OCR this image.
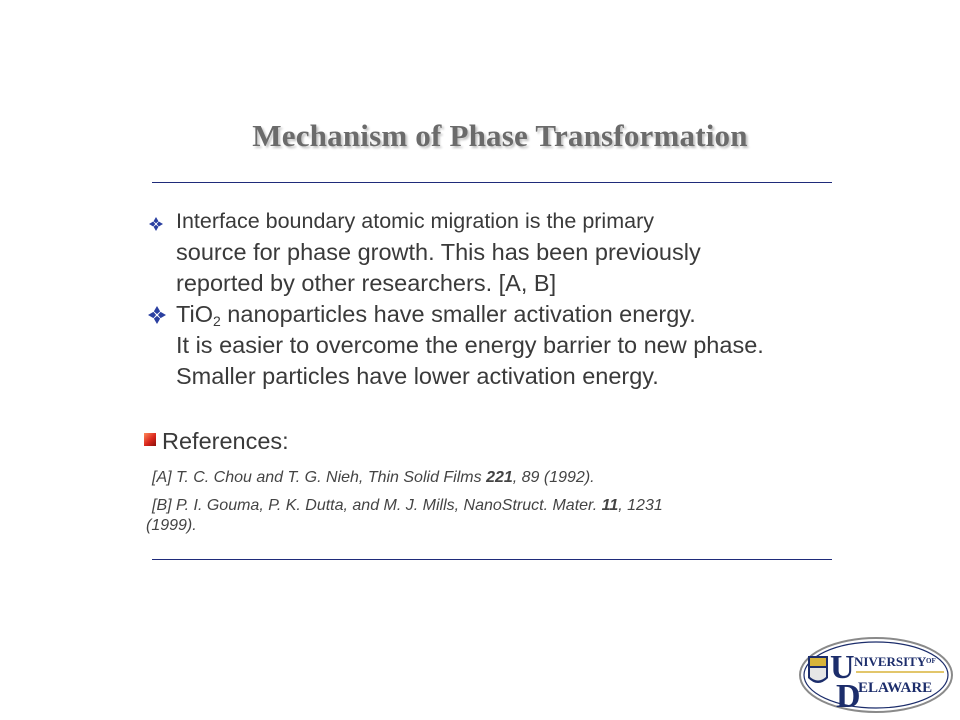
Mechanism of Phase Transformation
Interface boundary atomic migration is the primary
source for phase growth. This has been previously
reported by other researchers. [A, B]
TiO$_2$ nanoparticles have smaller activation energy.
It is easier to overcome the energy barrier to new phase.
Smaller particles have lower activation energy.
References:
[A] T. C. Chou and T. G. Nieh, Thin Solid Films 221, 89 (1992).
[B] P. I. Gouma, P. K. Dutta, and M. J. Mills, NanoStruct. Mater. 11, 1231
(1999).
U
D
NIVERSITY OF
ELAWARE
